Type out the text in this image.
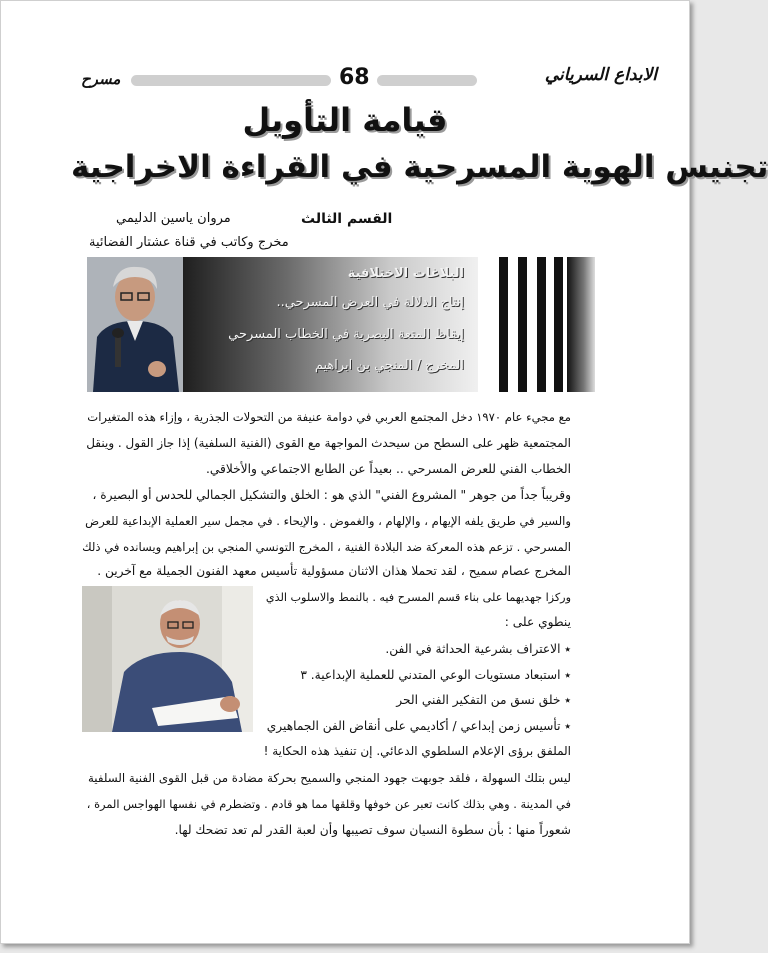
مسرح	68	الابداع السرياني
قيامة التأويل
تجنيس الهوية المسرحية في القراءة الاخراجية
القسم الثالث
مروان ياسين الدليمي
مخرج وكاتب في قناة عشتار الفضائية
البلاغات الاختلافية
إنتاج الدلالة في العرض المسرحي..
إيقاظ المتعة البصرية في الخطاب المسرحي
المخرج / المنجي بن ابراهيم
مع مجيء عام ١٩٧٠ دخل المجتمع العربي في دوامة عنيفة من التحولات الجذرية ، وإزاء هذه المتغيرات
المجتمعية ظهر على السطح من سيحدث المواجهة مع القوى (الفنية السلفية) إذا جاز القول . وينقل
الخطاب الفني للعرض المسرحي .. بعيداً عن الطابع الاجتماعي والأخلاقي.
وقريباً جداً من جوهر " المشروع الفني" الذي هو : الخلق والتشكيل الجمالي للحدس أو البصيرة ،
والسير في طريق يلفه الإيهام ، والإلهام ، والغموض . والإيحاء . في مجمل سير العملية الإبداعية للعرض
المسرحي . تزعم هذه المعركة ضد البلادة الفنية ، المخرج التونسي المنجي بن إبراهيم ويسانده في ذلك
المخرج عصام سميح ، لقد تحملا هذان الاثنان مسؤولية تأسيس معهد الفنون الجميلة مع آخرين .
وركزا جهديهما على بناء قسم المسرح فيه . بالنمط والاسلوب الذي
ينطوي على :
٭ الاعتراف بشرعية الحداثة في الفن.
٭ استبعاد مستويات الوعي المتدني للعملية الإبداعية. ٣
٭ خلق نسق من التفكير الفني الحر
٭ تأسيس زمن إبداعي / أكاديمي على أنقاض الفن الجماهيري
الملفق برؤى الإعلام السلطوي الدعائي. إن تنفيذ هذه الحكاية !
ليس بتلك السهولة ، فلقد جوبهت جهود المنجي والسميح بحركة مضادة من قبل القوى الفنية السلفية
في المدينة . وهي بذلك كانت تعبر عن خوفها وقلقها مما هو قادم . وتضطرم في نفسها الهواجس المرة ،
شعوراً منها : بأن سطوة النسيان سوف تصيبها وأن لعبة القدر لم تعد تضحك لها.
